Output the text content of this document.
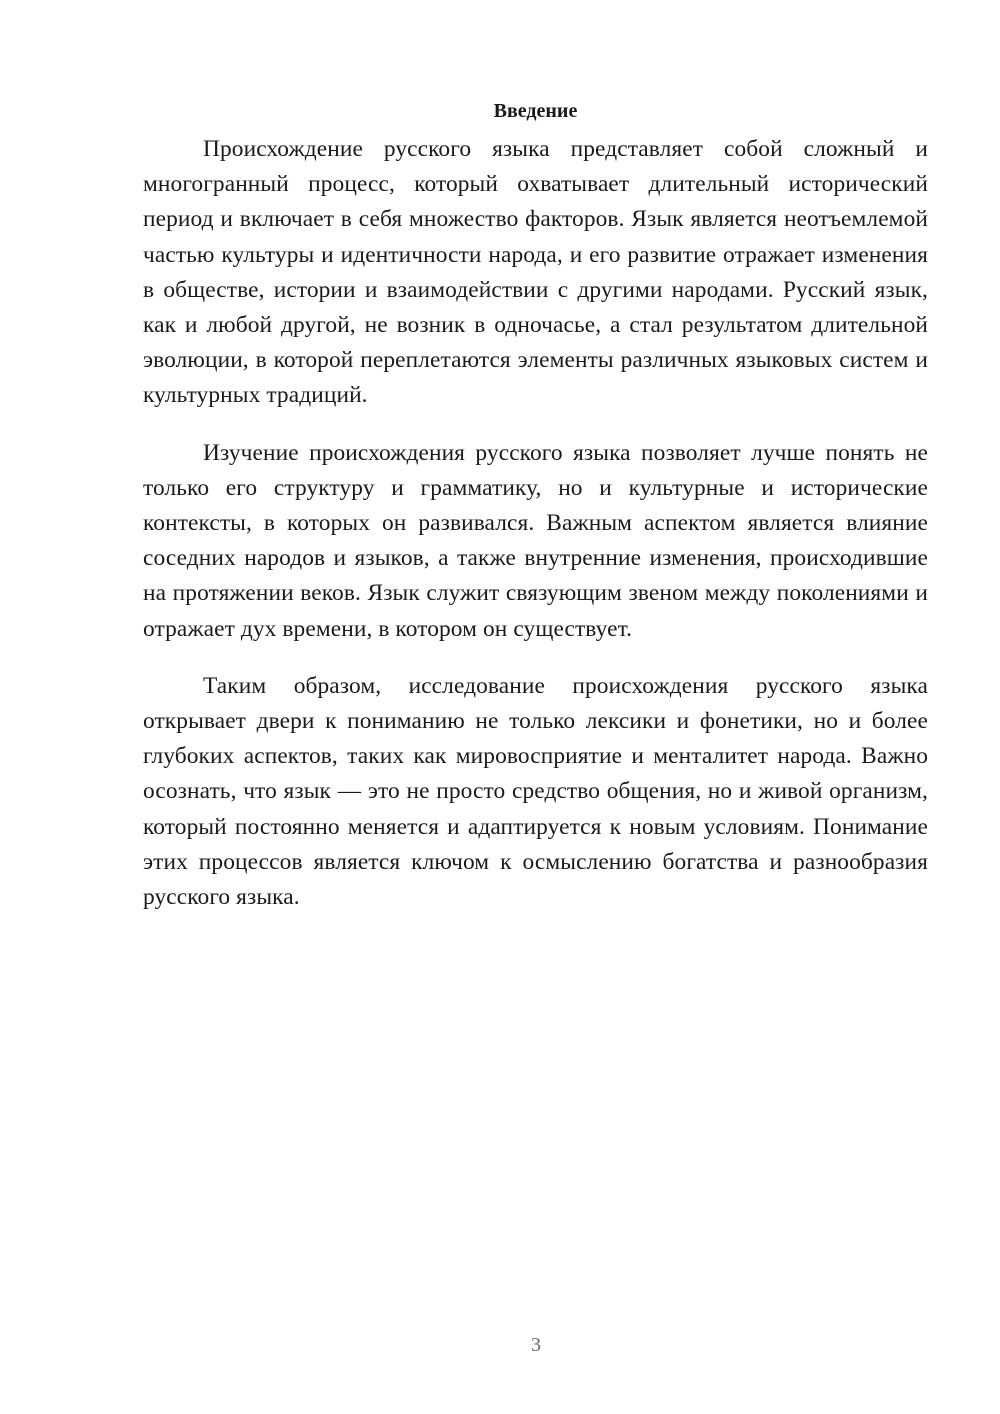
Введение

Происхождение русского языка представляет собой сложный и многогранный процесс, который охватывает длительный исторический период и включает в себя множество факторов. Язык является неотъемлемой частью культуры и идентичности народа, и его развитие отражает изменения в обществе, истории и взаимодействии с другими народами. Русский язык, как и любой другой, не возник в одночасье, а стал результатом длительной эволюции, в которой переплетаются элементы различных языковых систем и культурных традиций.

Изучение происхождения русского языка позволяет лучше понять не только его структуру и грамматику, но и культурные и исторические контексты, в которых он развивался. Важным аспектом является влияние соседних народов и языков, а также внутренние изменения, происходившие на протяжении веков. Язык служит связующим звеном между поколениями и отражает дух времени, в котором он существует.

Таким образом, исследование происхождения русского языка открывает двери к пониманию не только лексики и фонетики, но и более глубоких аспектов, таких как мировосприятие и менталитет народа. Важно осознать, что язык — это не просто средство общения, но и живой организм, который постоянно меняется и адаптируется к новым условиям. Понимание этих процессов является ключом к осмыслению богатства и разнообразия русского языка.

3
